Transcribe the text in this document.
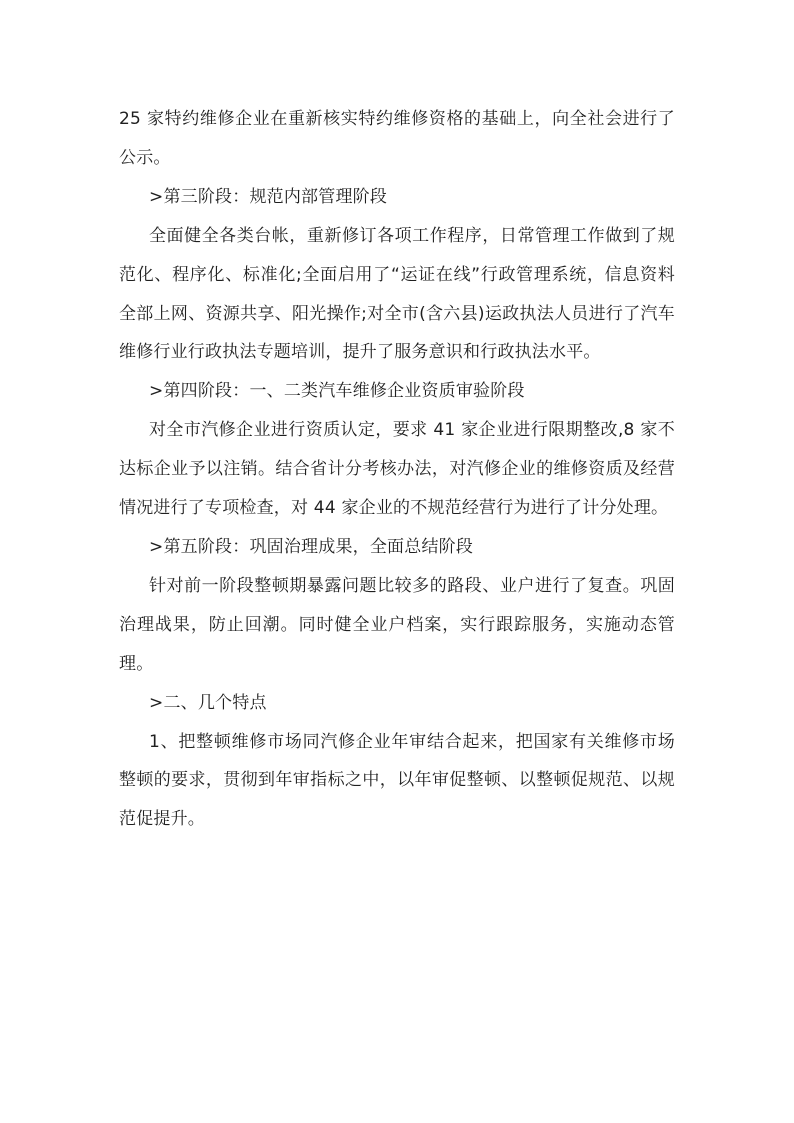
25 家特约维修企业在重新核实特约维修资格的基础上，向全社会进行了公示。

>第三阶段：规范内部管理阶段

全面健全各类台帐，重新修订各项工作程序，日常管理工作做到了规范化、程序化、标准化;全面启用了“运证在线”行政管理系统，信息资料全部上网、资源共享、阳光操作;对全市(含六县)运政执法人员进行了汽车维修行业行政执法专题培训，提升了服务意识和行政执法水平。

>第四阶段：一、二类汽车维修企业资质审验阶段

对全市汽修企业进行资质认定，要求 41 家企业进行限期整改,8 家不达标企业予以注销。结合省计分考核办法，对汽修企业的维修资质及经营情况进行了专项检查，对 44 家企业的不规范经营行为进行了计分处理。

>第五阶段：巩固治理成果，全面总结阶段

针对前一阶段整顿期暴露问题比较多的路段、业户进行了复查。巩固治理战果，防止回潮。同时健全业户档案，实行跟踪服务，实施动态管理。

>二、几个特点

1、把整顿维修市场同汽修企业年审结合起来，把国家有关维修市场整顿的要求，贯彻到年审指标之中，以年审促整顿、以整顿促规范、以规范促提升。
